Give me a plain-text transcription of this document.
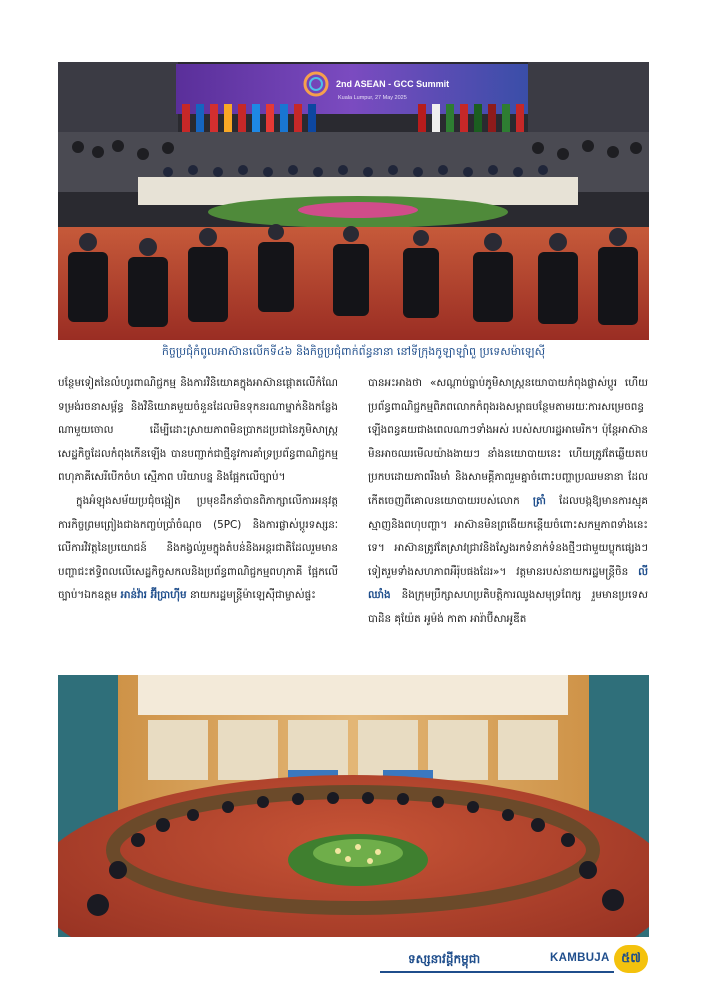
2nd ASEAN - GCC Summit
Kuala Lumpur, 27 May 2025
កិច្ចប្រជុំកំពូលអាស៊ានលើកទី៤៦ និងកិច្ចប្រជុំពាក់ព័ន្ធនានា នៅទីក្រុងកូឡាឡាំពួ ប្រទេសម៉ាឡេស៊ី

បន្ថែមទៀតនៃលំហូរពាណិជ្ជកម្ម និងការវិនិយោគក្នុងអាស៊ានផ្ដោតលើកំណែទម្រង់រចនាសម្ព័ន្ធ និងវិនិយោគមួយចំនួនដែលមិនទុកនរណាម្នាក់និងកន្លែងណាមួយចោល ដើម្បីដោះស្រាយភាពមិនប្រាកដប្រជានៃភូមិសាស្ត្រសេដ្ឋកិច្ចដែលកំពុងកើនឡើង បានបញ្ជាក់ជាថ្មីនូវការគាំទ្រប្រព័ន្ធពាណិជ្ជកម្មពហុភាគីសេរីបើកចំហ ស្មើភាព បរិយាបន្ន និងផ្អែកលើច្បាប់។

ក្នុងអំឡុងសម័យប្រជុំចង្អៀត ប្រមុខដឹកនាំបានពិភាក្សាលើការអនុវត្តការកិច្ចព្រមព្រៀងជាងកញ្ចប់ប្រាំចំណុច (5PC) និងការផ្លាស់ប្តូរទស្សនៈលើការវិវត្តនៃប្រយោជន៍ និងកង្វល់រួមក្នុងតំបន់និងអន្តរជាតិដែលរួមមានបញ្ហាជះឥទ្ធិពលលើសេដ្ឋកិច្ចសកលនិងប្រព័ន្ធពាណិជ្ជកម្មពហុភាគី ផ្អែកលើច្បាប់។ឯកឧត្ដម អាន់វ៉ារ អ៊ីប្រាហ៊ីម នាយករដ្ឋមន្ត្រីម៉ាឡេស៊ីជាម្ចាស់ផ្ទះ

បានអះអាងថា «សណ្ដាប់ធ្នាប់ភូមិសាស្ត្រនយោបាយកំពុងផ្លាស់ប្តូរ ហើយប្រព័ន្ធពាណិជ្ជកម្មពិភពលោកកំពុងរងសម្ពាធបន្ថែមតាមរយៈការសម្រេចពន្ធឡើងពន្ធគយជាងពេលណាៗទាំងអស់ របស់សហរដ្ឋអាមេរិក។ ប៉ុន្តែអាស៊ានមិនអាចឈរមើលយ៉ាងងាយៗ នាំងនយោបាយនេះ ហើយត្រូវតែឆ្លើយតបប្រកបដោយភាពរឹងមាំ និងសាមគ្គីភាពរួមគ្នាចំពោះបញ្ហាប្រឈមនានា ដែលកើតចេញពីគោលនយោបាយរបស់លោក ត្រាំ ដែលបង្កឱ្យមានការស្មុគស្មាញនិងពហុបញ្ហា។ អាស៊ានមិនព្រងើយកន្តើយចំពោះសកម្មភាពទាំងនេះទេ។ អាស៊ានត្រូវតែស្រាវជ្រាវនិងស្វែងរកទំនាក់ទំនងថ្មីៗជាមួយប្លុកផ្សេងៗទៀតរួមទាំងសហភាពអឺរ៉ុបផងដែរ»។ វត្តមានរបស់នាយករដ្ឋមន្ត្រីចិន លី ឈាំង និងក្រុមប្រឹក្សាសហប្រតិបត្តិការឈូងសមុទ្រពែក្ស រួមមានប្រទេសបាដិន គុយ៉ែត អូម៉ង់ កាតា អារ៉ាប៊ីសាអូឌីត

ទស្សនាវដ្ដីកម្ពុជា	KAMBUJA ៥៧
